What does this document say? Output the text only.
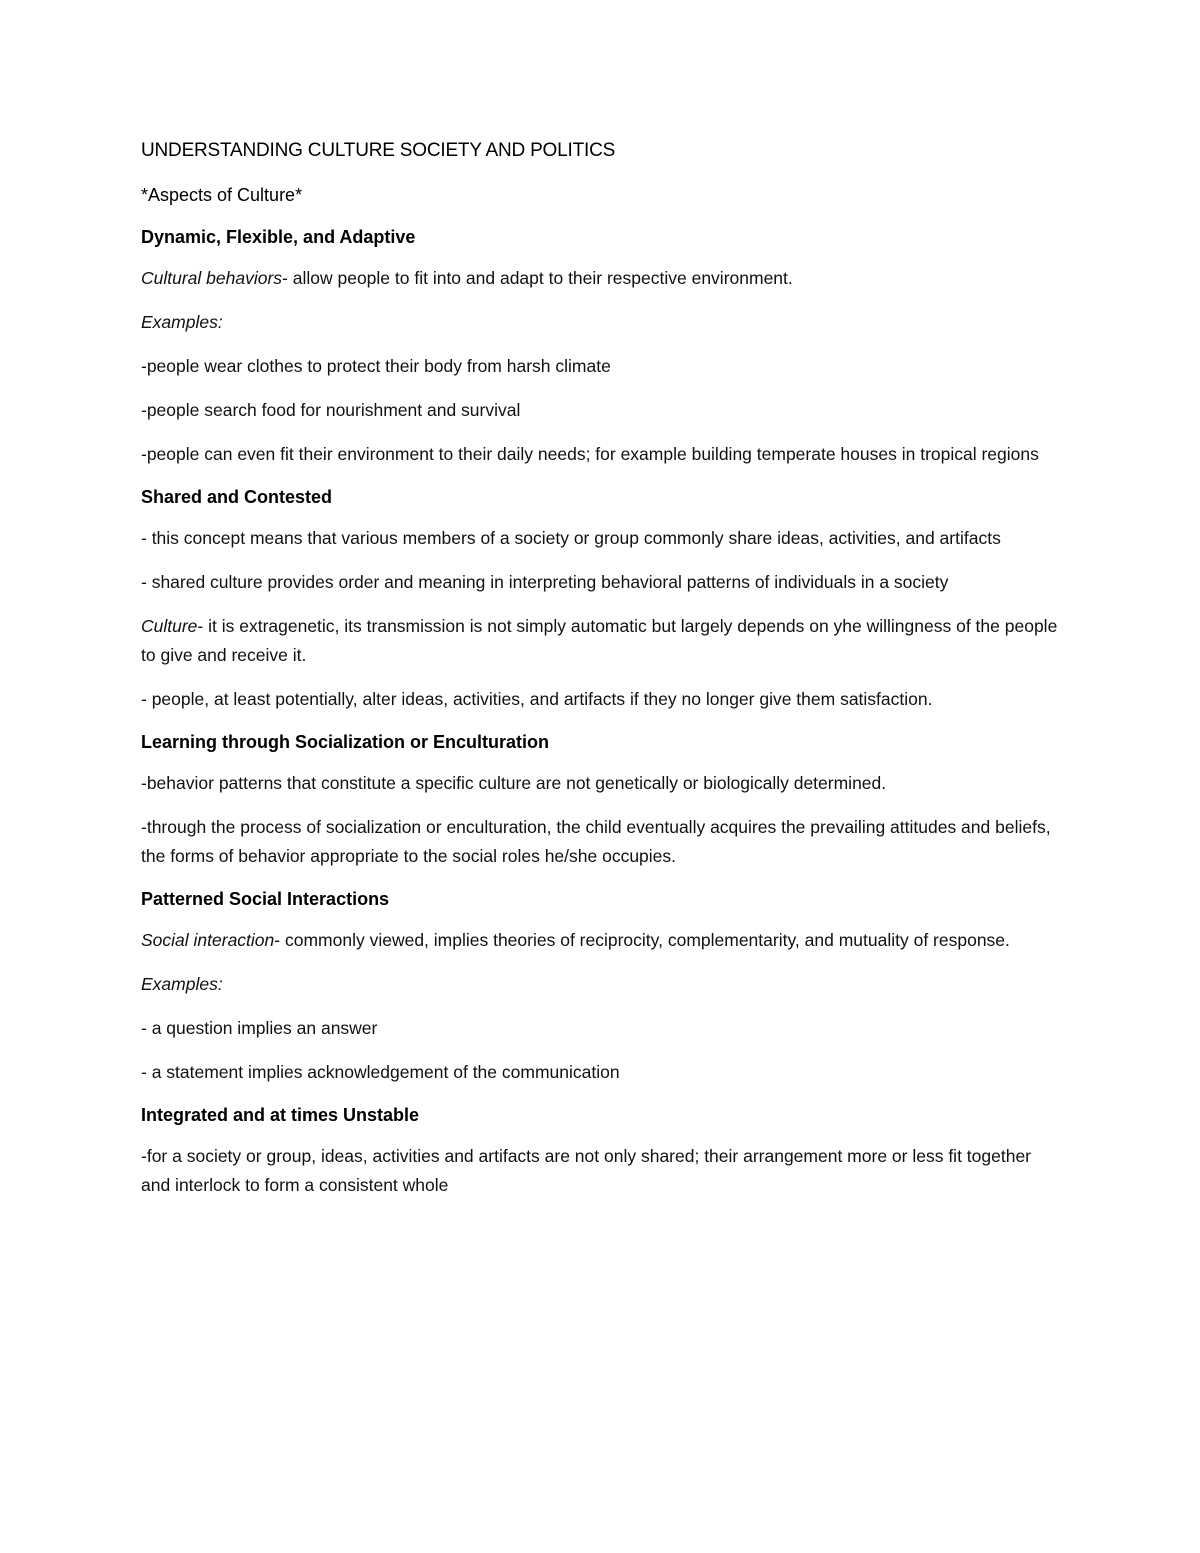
UNDERSTANDING CULTURE SOCIETY AND POLITICS
*Aspects of Culture*
Dynamic, Flexible, and Adaptive

Cultural behaviors- allow people to fit into and adapt to their respective environment.

Examples:

-people wear clothes to protect their body from harsh climate

-people search food for nourishment and survival

-people can even fit their environment to their daily needs; for example building temperate houses in tropical regions

Shared and Contested

- this concept means that various members of a society or group commonly share ideas, activities, and artifacts

- shared culture provides order and meaning in interpreting behavioral patterns of individuals in a society

Culture- it is extragenetic, its transmission is not simply automatic but largely depends on yhe willingness of the people to give and receive it.

- people, at least potentially, alter ideas, activities, and artifacts if they no longer give them satisfaction.

Learning through Socialization or Enculturation

-behavior patterns that constitute a specific culture are not genetically or biologically determined.

-through the process of socialization or enculturation, the child eventually acquires the prevailing attitudes and beliefs, the forms of behavior appropriate to the social roles he/she occupies.

Patterned Social Interactions

Social interaction- commonly viewed, implies theories of reciprocity, complementarity, and mutuality of response.

Examples:

- a question implies an answer

- a statement implies acknowledgement of the communication

Integrated and at times Unstable

-for a society or group, ideas, activities and artifacts are not only shared; their arrangement more or less fit together and interlock to form a consistent whole
